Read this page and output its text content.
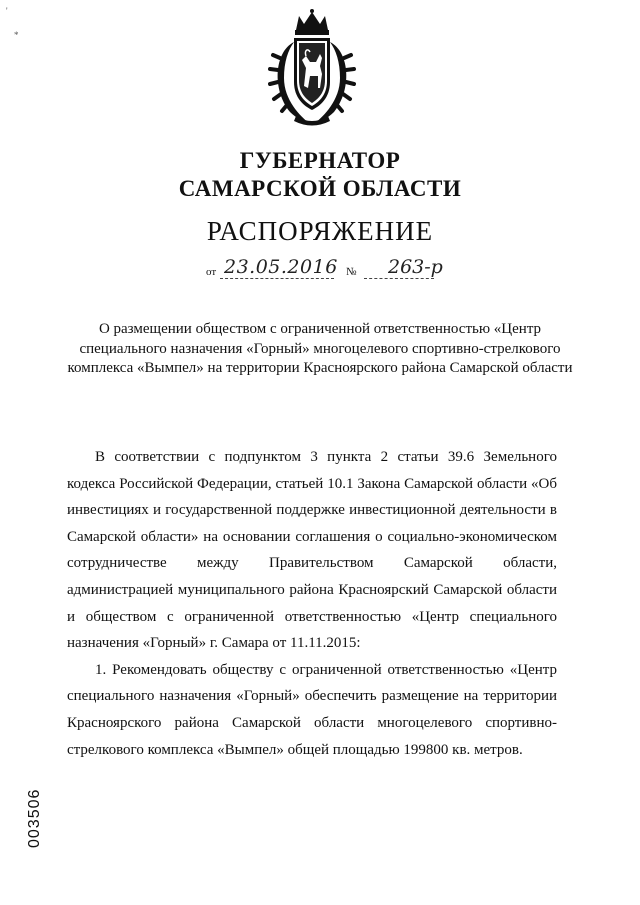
'
*
ГУБЕРНАТОР
САМАРСКОЙ ОБЛАСТИ
РАСПОРЯЖЕНИЕ
от 23.05.2016 № 263-р
О размещении обществом с ограниченной ответственностью «Центр специального назначения «Горный» многоцелевого спортивно-стрелкового комплекса «Вымпел» на территории Красноярского района Самарской области

В соответствии с подпунктом 3 пункта 2 статьи 39.6 Земельного кодекса Российской Федерации, статьей 10.1 Закона Самарской области «Об инвестициях и государственной поддержке инвестиционной деятельности в Самарской области» на основании соглашения о социально-экономическом сотрудничестве между Правительством Самарской области, администрацией муниципального района Красноярский Самарской области и обществом с ограниченной ответственностью «Центр специального назначения «Горный» г. Самара от 11.11.2015:

1. Рекомендовать обществу с ограниченной ответственностью «Центр специального назначения «Горный» обеспечить размещение на территории Красноярского района Самарской области многоцелевого спортивно-стрелкового комплекса «Вымпел» общей площадью 199800 кв. метров.

003506
